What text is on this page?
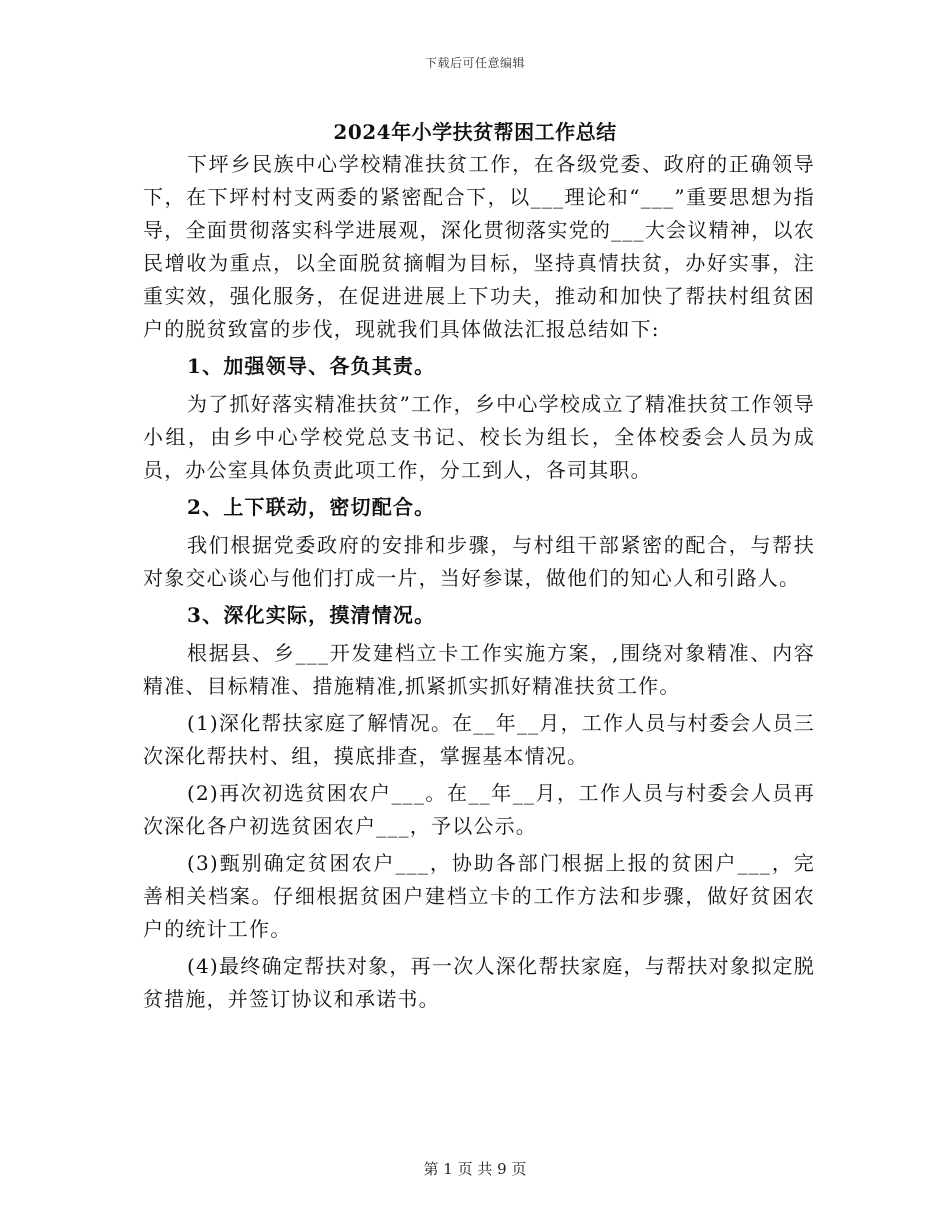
下载后可任意编辑
2024年小学扶贫帮困工作总结

下坪乡民族中心学校精准扶贫工作，在各级党委、政府的正确领导下，在下坪村村支两委的紧密配合下，以___理论和“___”重要思想为指导，全面贯彻落实科学进展观，深化贯彻落实党的___大会议精神，以农民增收为重点，以全面脱贫摘帽为目标，坚持真情扶贫，办好实事，注重实效，强化服务，在促进进展上下功夫，推动和加快了帮扶村组贫困户的脱贫致富的步伐，现就我们具体做法汇报总结如下:

1、加强领导、各负其责。

为了抓好落实精准扶贫”工作，乡中心学校成立了精准扶贫工作领导小组，由乡中心学校党总支书记、校长为组长，全体校委会人员为成员，办公室具体负责此项工作，分工到人，各司其职。

2、上下联动，密切配合。

我们根据党委政府的安排和步骤，与村组干部紧密的配合，与帮扶对象交心谈心与他们打成一片，当好参谋，做他们的知心人和引路人。

3、深化实际，摸清情况。

根据县、乡___开发建档立卡工作实施方案，,围绕对象精准、内容精准、目标精准、措施精准,抓紧抓实抓好精准扶贫工作。

(1)深化帮扶家庭了解情况。在__年__月，工作人员与村委会人员三次深化帮扶村、组，摸底排查，掌握基本情况。

(2)再次初选贫困农户___。在__年__月，工作人员与村委会人员再次深化各户初选贫困农户___，予以公示。

(3)甄别确定贫困农户___，协助各部门根据上报的贫困户___，完善相关档案。仔细根据贫困户建档立卡的工作方法和步骤，做好贫困农户的统计工作。

(4)最终确定帮扶对象，再一次人深化帮扶家庭，与帮扶对象拟定脱贫措施，并签订协议和承诺书。

第 1 页 共 9 页
